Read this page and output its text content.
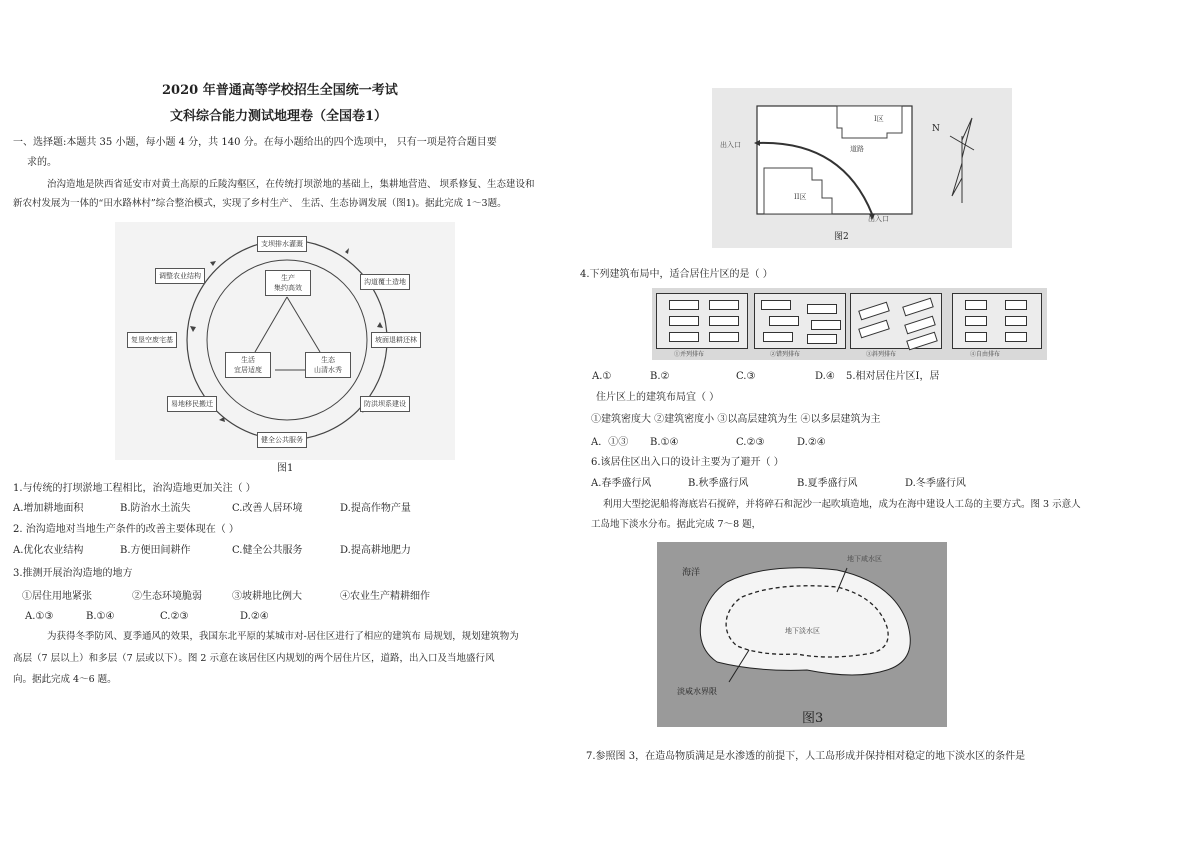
2020 年普通高等学校招生全国统一考试
文科综合能力测试地理卷（全国卷1）
一、选择题:本题共 35 小题，每小题 4 分，共 140 分。在每小题给出的四个选项中， 只有一项是符合题目要
求的。
治沟造地是陕西省延安市对黄土高原的丘陵沟壑区，在传统打坝淤地的基础上，集耕地营造、 坝系修复、生态建设和
新农村发展为一体的“田水路林村”综合整治模式，实现了乡村生产、 生活、生态协调发展（图1)。据此完成 1～3题。
支坝排水灌溉
沟道覆土造地
坡面退耕还林
防洪坝系建设
健全公共服务
易地移民搬迁
复垦空废宅基
调整农业结构	生产
集约高效
生活
宜居适度
生态
山清水秀
图1
1.与传统的打坝淤地工程相比，治沟造地更加关注（ ）
A.增加耕地面积	B.防治水土流失	C.改善人居环境	D.提高作物产量
2. 治沟造地对当地生产条件的改善主要体现在（ ）
A.优化农业结构	B.方便田间耕作	C.健全公共服务	D.提高耕地肥力
3.推测开展治沟造地的地方
①居住用地紧张	②生态环境脆弱	③坡耕地比例大	④农业生产精耕细作
A.①③	B.①④	C.②③	D.②④
为获得冬季防风、夏季通风的效果，我国东北平原的某城市对-居住区进行了相应的建筑布 局规划，规划建筑物为
高层（7 层以上）和多层（7 层或以下）。图 2 示意在该居住区内规划的两个居住片区，道路，出入口及当地盛行风
向。据此完成 4～6 题。
I区
II区
道路
出入口
出入口
N
图2
4.下列建筑布局中，适合居住片区的是（ ）
①并列排布	②错列排布	③斜列排布	④自由排布
A.①	B.②	C.③	D.④ 5.相对居住片区Ⅰ，居
住片区上的建筑布局宜（ ）
①建筑密度大 ②建筑密度小 ③以高层建筑为生 ④以多层建筑为主
A．①③ B.①④	C.②③	D.②④
6.该居住区出入口的设计主要为了避开（ ）
A.春季盛行风	B.秋季盛行风	B.夏季盛行风	D.冬季盛行风
利用大型挖泥船将海底岩石搅碎，并将碎石和泥沙一起吹填造地，成为在海中建设人工岛的主要方式。图 3 示意人
工岛地下淡水分布。据此完成 7～8 题，
海洋
地下咸水区
地下淡水区
淡咸水界限
图3
7.参照图 3，在造岛物质满足是水渗透的前提下，人工岛形成并保持相对稳定的地下淡水区的条件是
